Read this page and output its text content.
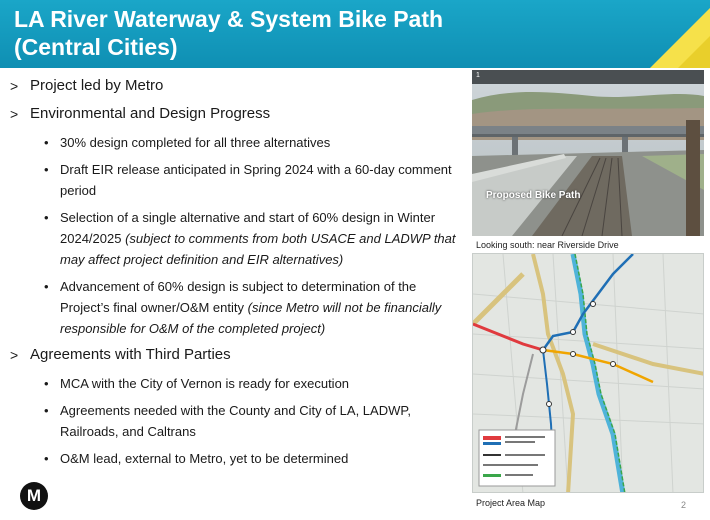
LA River Waterway & System Bike Path
(Central Cities)
> Project led by Metro
> Environmental and Design Progress
• 30% design completed for all three alternatives
• Draft EIR release anticipated in Spring 2024 with a 60-day comment period
• Selection of a single alternative and start of 60% design in Winter 2024/2025 (subject to comments from both USACE and LADWP that may affect project definition and EIR alternatives)
• Advancement of 60% design is subject to determination of the Project’s final owner/O&M entity (since Metro will not be financially responsible for O&M of the completed project)
> Agreements with Third Parties
• MCA with the City of Vernon is ready for execution
• Agreements needed with the County and City of LA, LADWP, Railroads, and Caltrans
• O&M lead, external to Metro, yet to be determined
1
Proposed Bike Path
Looking south: near Riverside Drive
Project Area Map	2
M
